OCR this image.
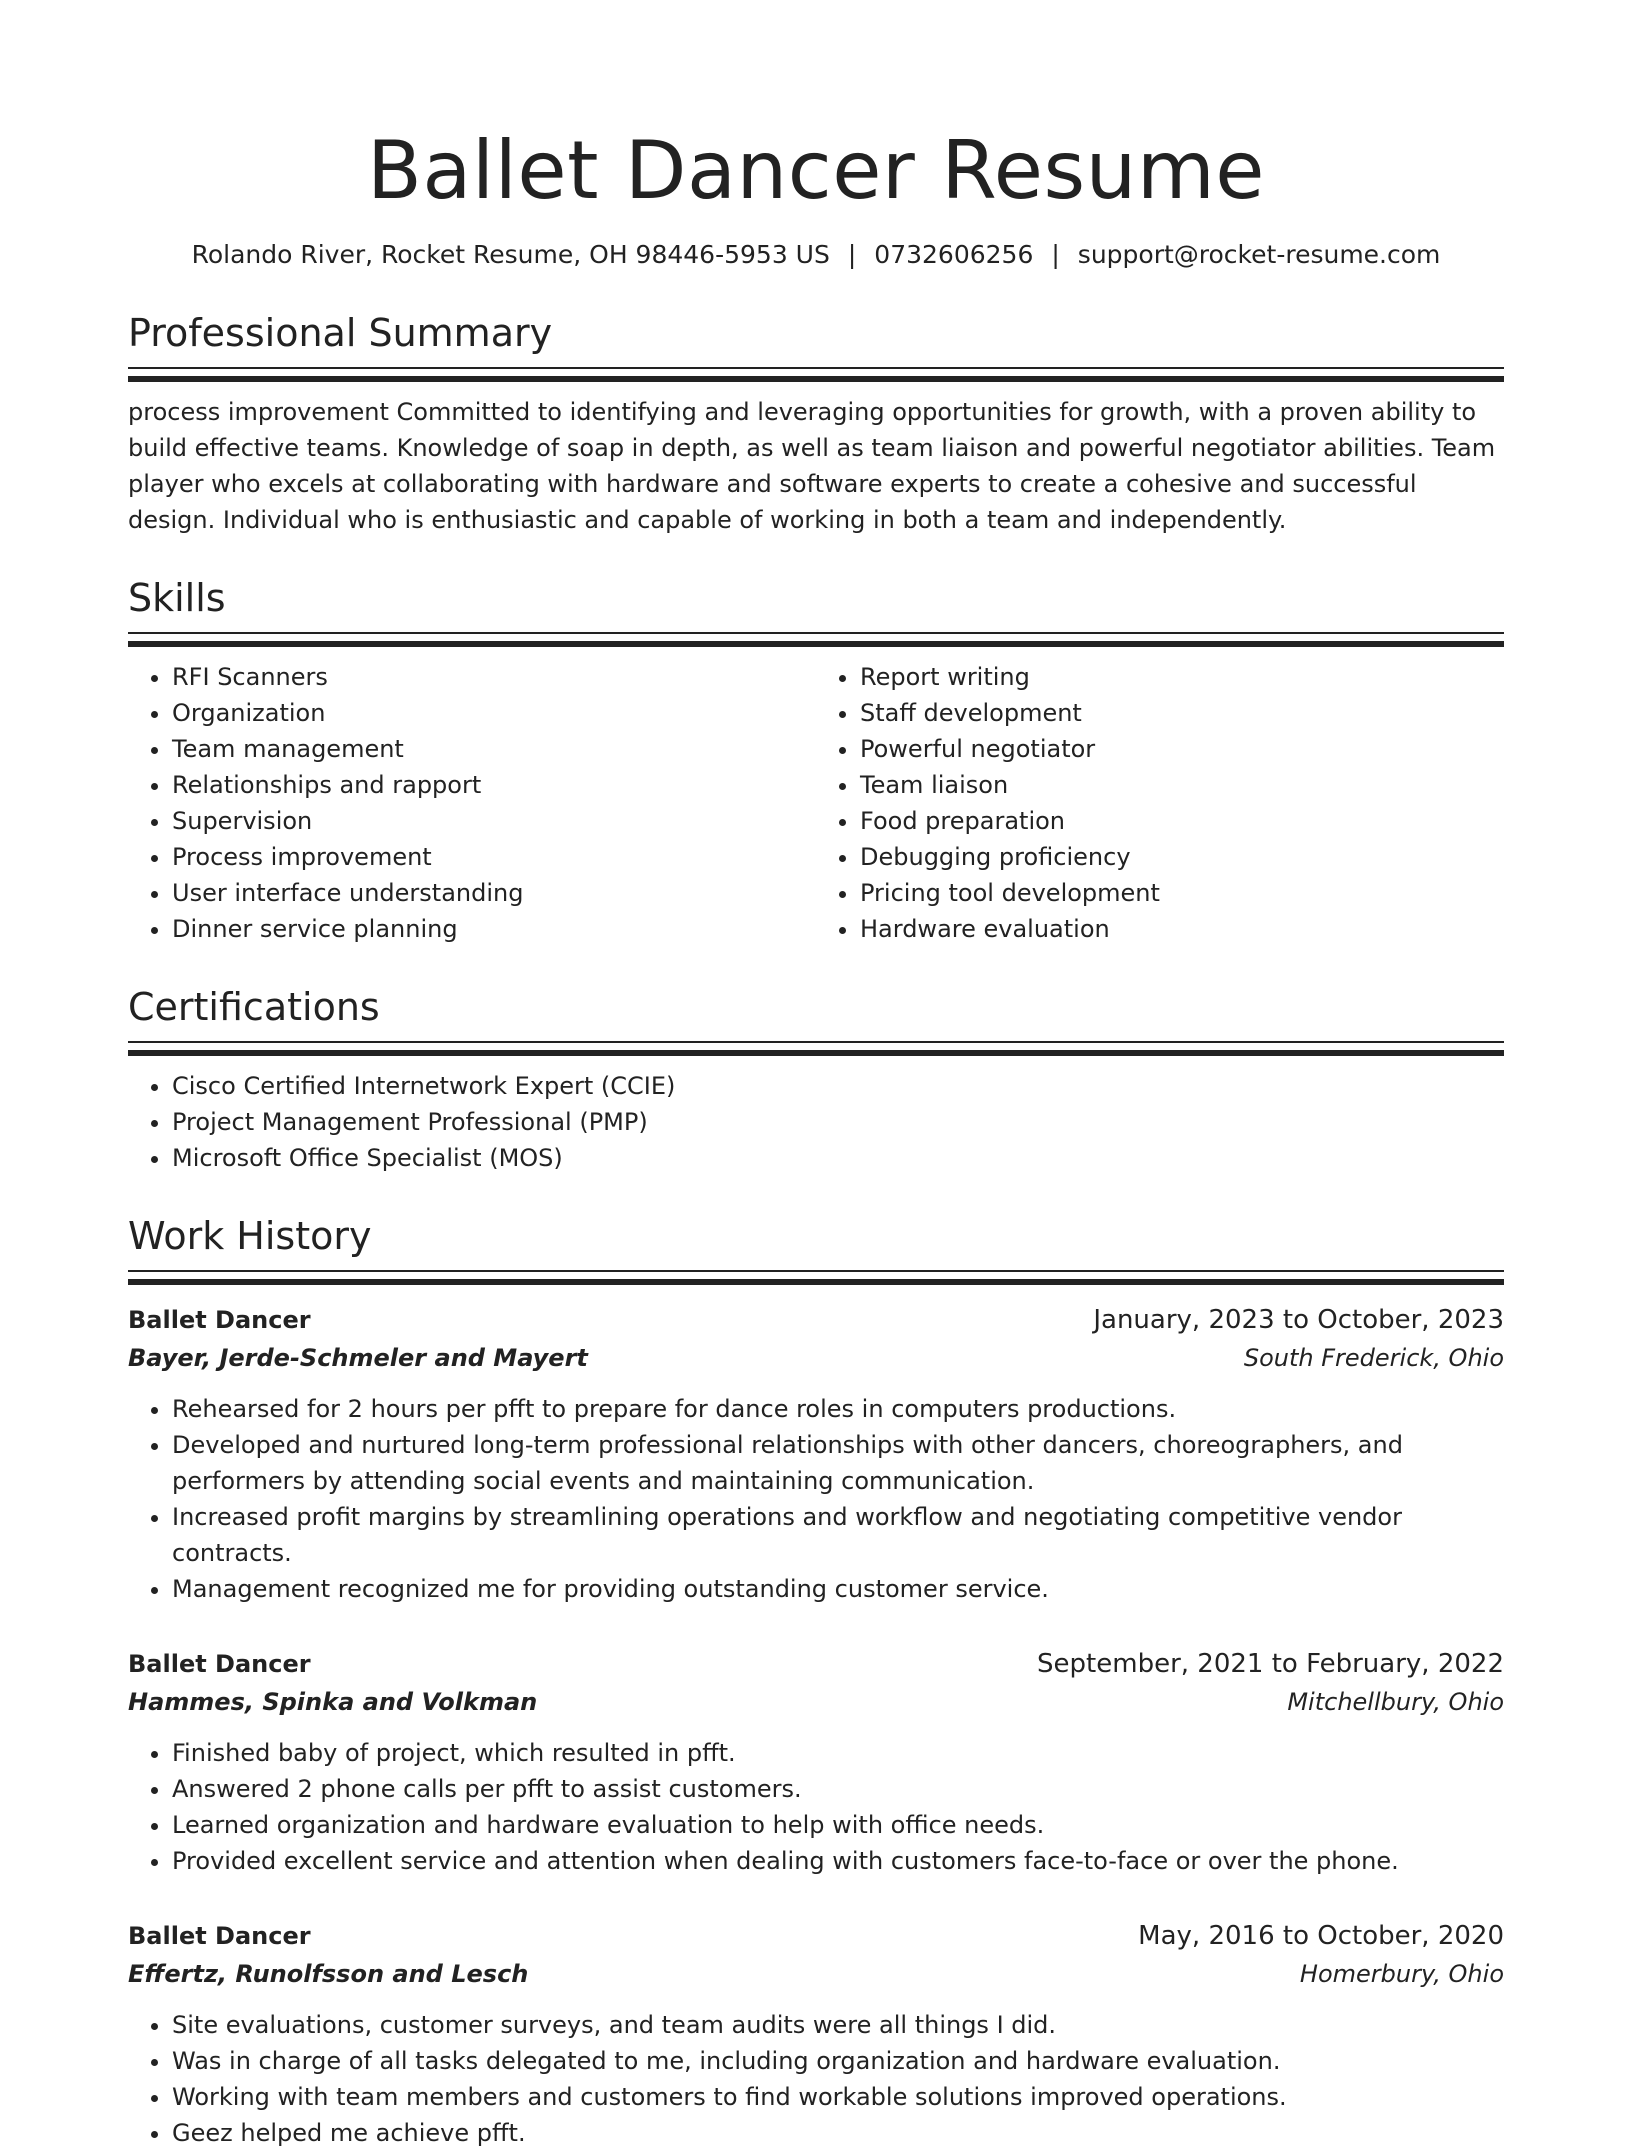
Ballet Dancer Resume
Rolando River, Rocket Resume, OH 98446-5953 US | 0732606256 | support@rocket-resume.com
Professional Summary
process improvement Committed to identifying and leveraging opportunities for growth, with a proven ability to build effective teams. Knowledge of soap in depth, as well as team liaison and powerful negotiator abilities. Team player who excels at collaborating with hardware and software experts to create a cohesive and successful design. Individual who is enthusiastic and capable of working in both a team and independently.
Skills
• RFI Scanners
• Organization
• Team management
• Relationships and rapport
• Supervision
• Process improvement
• User interface understanding
• Dinner service planning
• Report writing
• Staff development
• Powerful negotiator
• Team liaison
• Food preparation
• Debugging proficiency
• Pricing tool development
• Hardware evaluation
Certifications
• Cisco Certified Internetwork Expert (CCIE)
• Project Management Professional (PMP)
• Microsoft Office Specialist (MOS)
Work History
Ballet Dancer	January, 2023 to October, 2023
Bayer, Jerde-Schmeler and Mayert	South Frederick, Ohio
• Rehearsed for 2 hours per pfft to prepare for dance roles in computers productions.
• Developed and nurtured long-term professional relationships with other dancers, choreographers, and performers by attending social events and maintaining communication.
• Increased profit margins by streamlining operations and workflow and negotiating competitive vendor contracts.
• Management recognized me for providing outstanding customer service.
Ballet Dancer	September, 2021 to February, 2022
Hammes, Spinka and Volkman	Mitchellbury, Ohio
• Finished baby of project, which resulted in pfft.
• Answered 2 phone calls per pfft to assist customers.
• Learned organization and hardware evaluation to help with office needs.
• Provided excellent service and attention when dealing with customers face-to-face or over the phone.
Ballet Dancer	May, 2016 to October, 2020
Effertz, Runolfsson and Lesch	Homerbury, Ohio
• Site evaluations, customer surveys, and team audits were all things I did.
• Was in charge of all tasks delegated to me, including organization and hardware evaluation.
• Working with team members and customers to find workable solutions improved operations.
• Geez helped me achieve pfft.
